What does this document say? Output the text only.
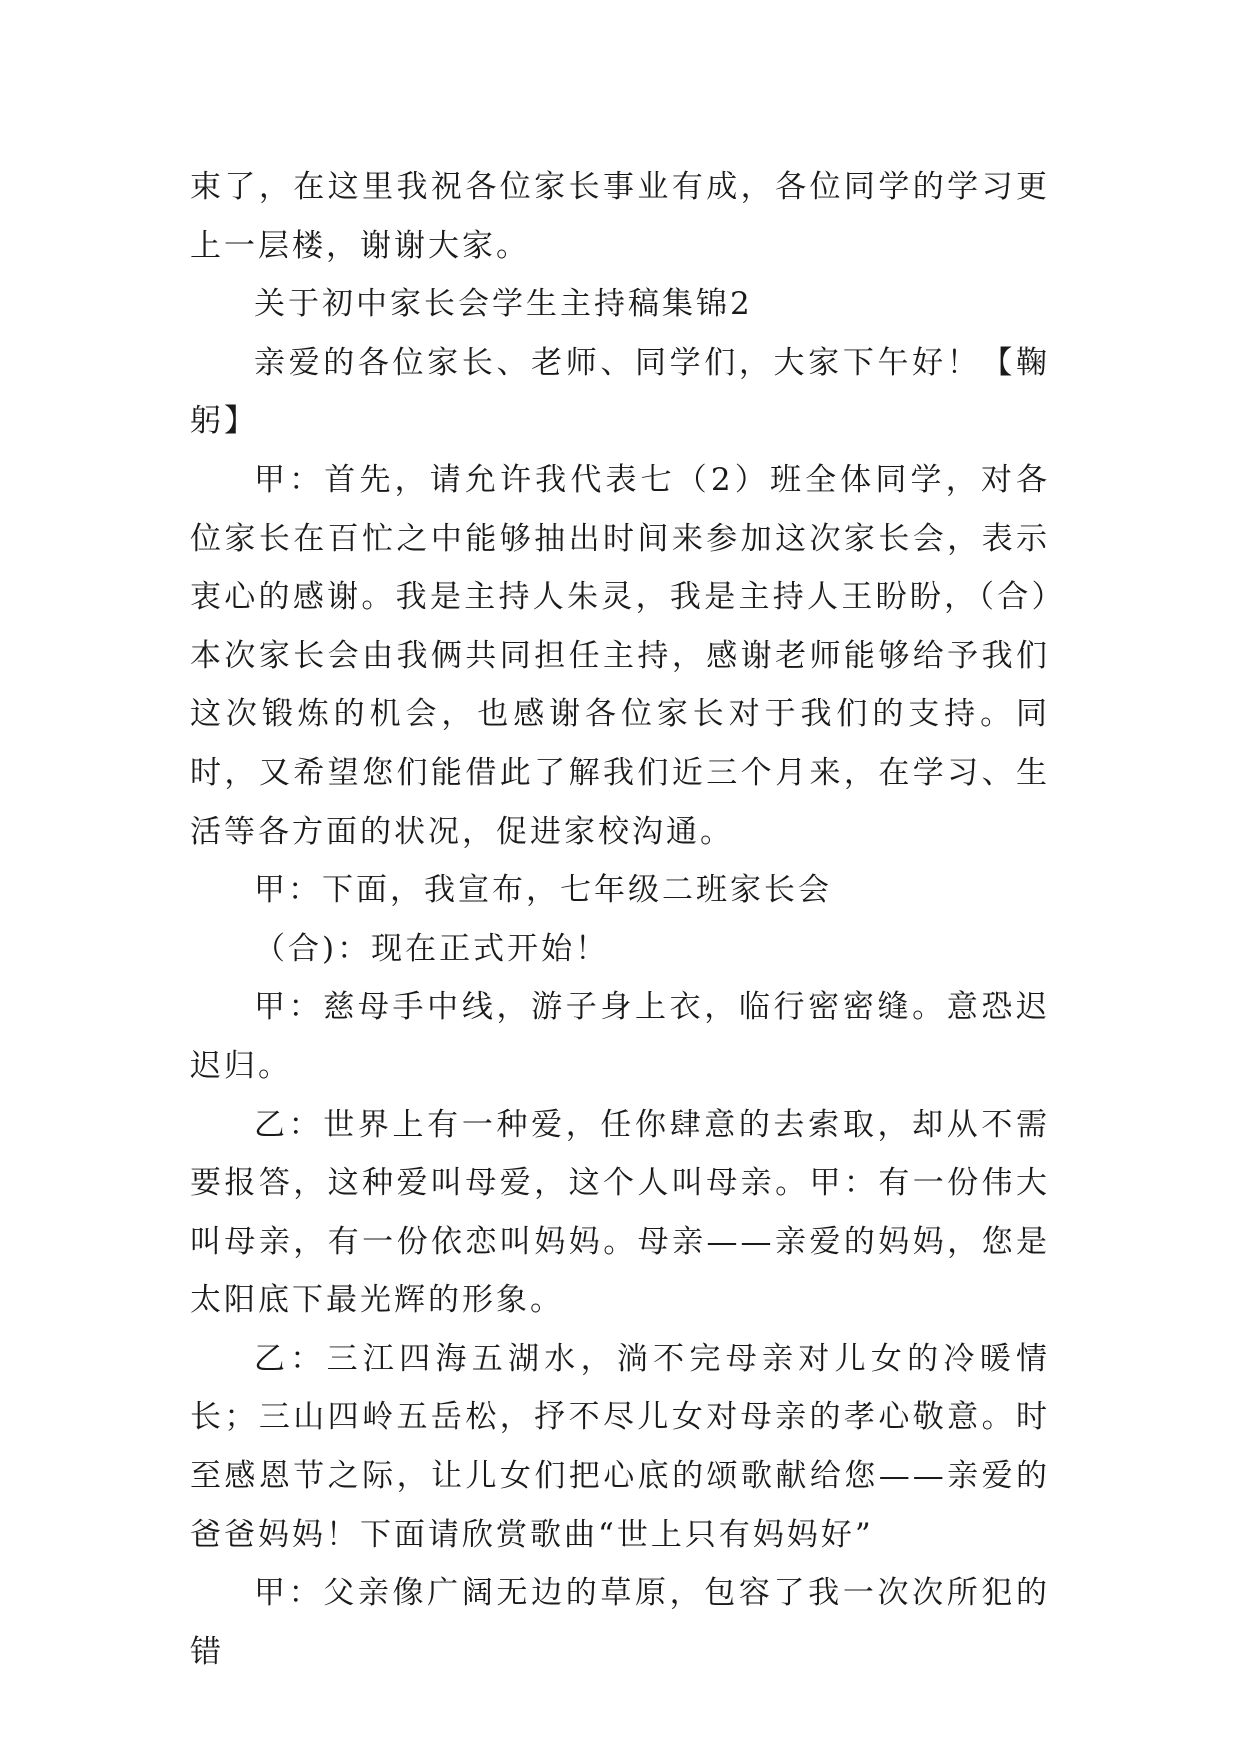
束了，在这里我祝各位家长事业有成，各位同学的学习更上一层楼，谢谢大家。

关于初中家长会学生主持稿集锦2

亲爱的各位家长、老师、同学们，大家下午好！【鞠躬】

甲：首先，请允许我代表七（2）班全体同学，对各位家长在百忙之中能够抽出时间来参加这次家长会，表示衷心的感谢。我是主持人朱灵，我是主持人王盼盼，（合）本次家长会由我俩共同担任主持，感谢老师能够给予我们这次锻炼的机会，也感谢各位家长对于我们的支持。同时，又希望您们能借此了解我们近三个月来，在学习、生活等各方面的状况，促进家校沟通。

甲：下面，我宣布，七年级二班家长会

（合)：现在正式开始！

甲：慈母手中线，游子身上衣，临行密密缝。意恐迟迟归。

乙：世界上有一种爱，任你肆意的去索取，却从不需要报答，这种爱叫母爱，这个人叫母亲。甲：有一份伟大叫母亲，有一份依恋叫妈妈。母亲——亲爱的妈妈，您是太阳底下最光辉的形象。

乙：三江四海五湖水，淌不完母亲对儿女的冷暖情长；三山四岭五岳松，抒不尽儿女对母亲的孝心敬意。时至感恩节之际，让儿女们把心底的颂歌献给您——亲爱的爸爸妈妈！下面请欣赏歌曲“世上只有妈妈好”

甲：父亲像广阔无边的草原，包容了我一次次所犯的错
